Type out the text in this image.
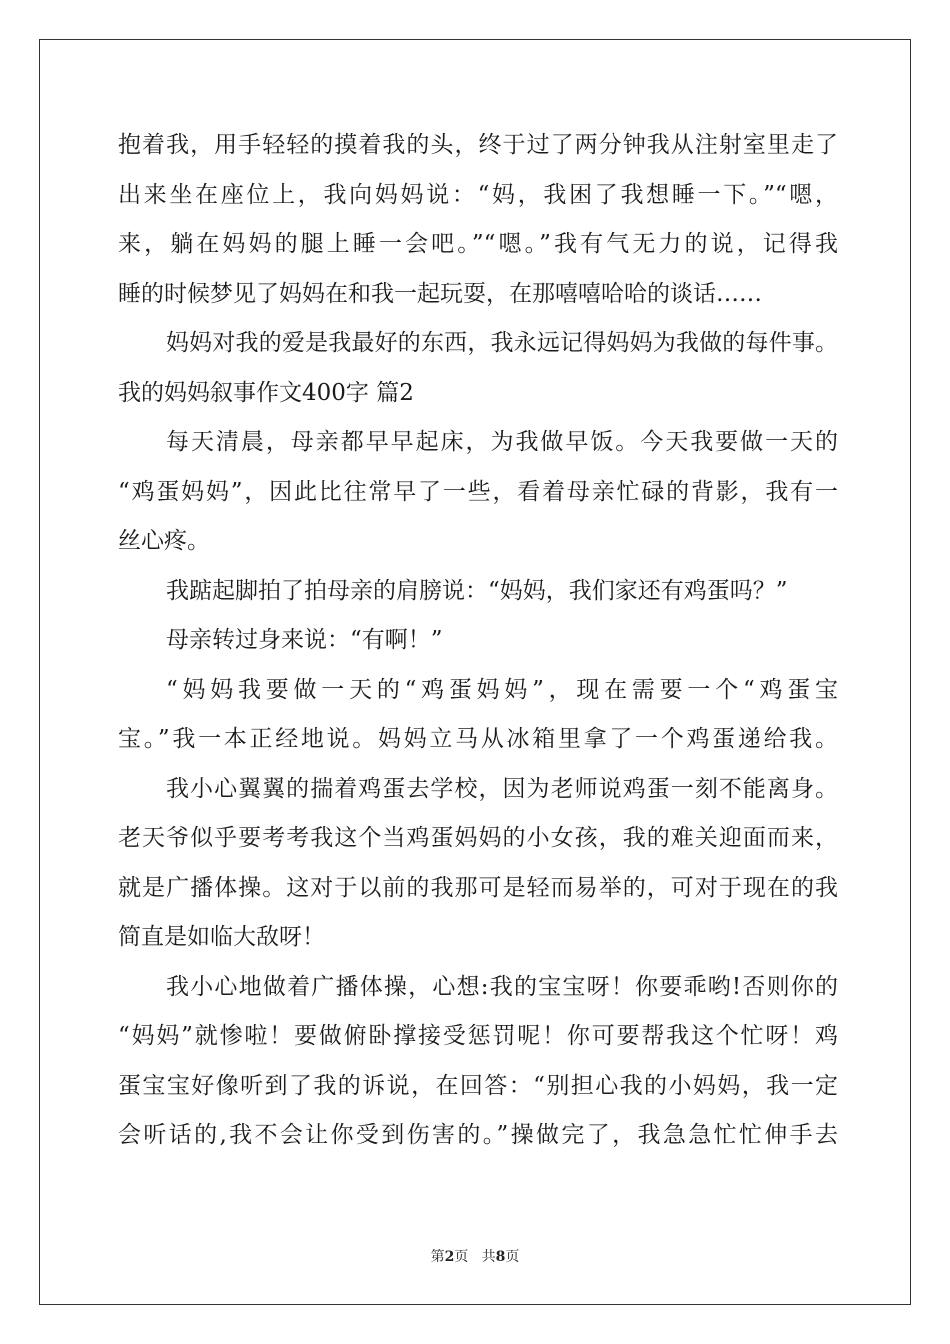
抱着我，用手轻轻的摸着我的头，终于过了两分钟我从注射室里走了
出来坐在座位上，我向妈妈说：“妈，我困了我想睡一下。”“嗯，
来，躺在妈妈的腿上睡一会吧。”“嗯。”我有气无力的说，记得我
睡的时候梦见了妈妈在和我一起玩耍，在那嘻嘻哈哈的谈话……
妈妈对我的爱是我最好的东西，我永远记得妈妈为我做的每件事。
我的妈妈叙事作文400字 篇2
每天清晨，母亲都早早起床，为我做早饭。今天我要做一天的
“鸡蛋妈妈”，因此比往常早了一些，看着母亲忙碌的背影，我有一
丝心疼。
我踮起脚拍了拍母亲的肩膀说：“妈妈，我们家还有鸡蛋吗？”
母亲转过身来说：“有啊！”
“妈妈我要做一天的“鸡蛋妈妈”，现在需要一个“鸡蛋宝
宝。”我一本正经地说。妈妈立马从冰箱里拿了一个鸡蛋递给我。
我小心翼翼的揣着鸡蛋去学校，因为老师说鸡蛋一刻不能离身。
老天爷似乎要考考我这个当鸡蛋妈妈的小女孩，我的难关迎面而来，
就是广播体操。这对于以前的我那可是轻而易举的，可对于现在的我
简直是如临大敌呀！
我小心地做着广播体操，心想:我的宝宝呀！你要乖哟!否则你的
“妈妈”就惨啦！要做俯卧撑接受惩罚呢！你可要帮我这个忙呀！鸡
蛋宝宝好像听到了我的诉说，在回答：“别担心我的小妈妈，我一定
会听话的,我不会让你受到伤害的。”操做完了，我急急忙忙伸手去
第2页 共8页
